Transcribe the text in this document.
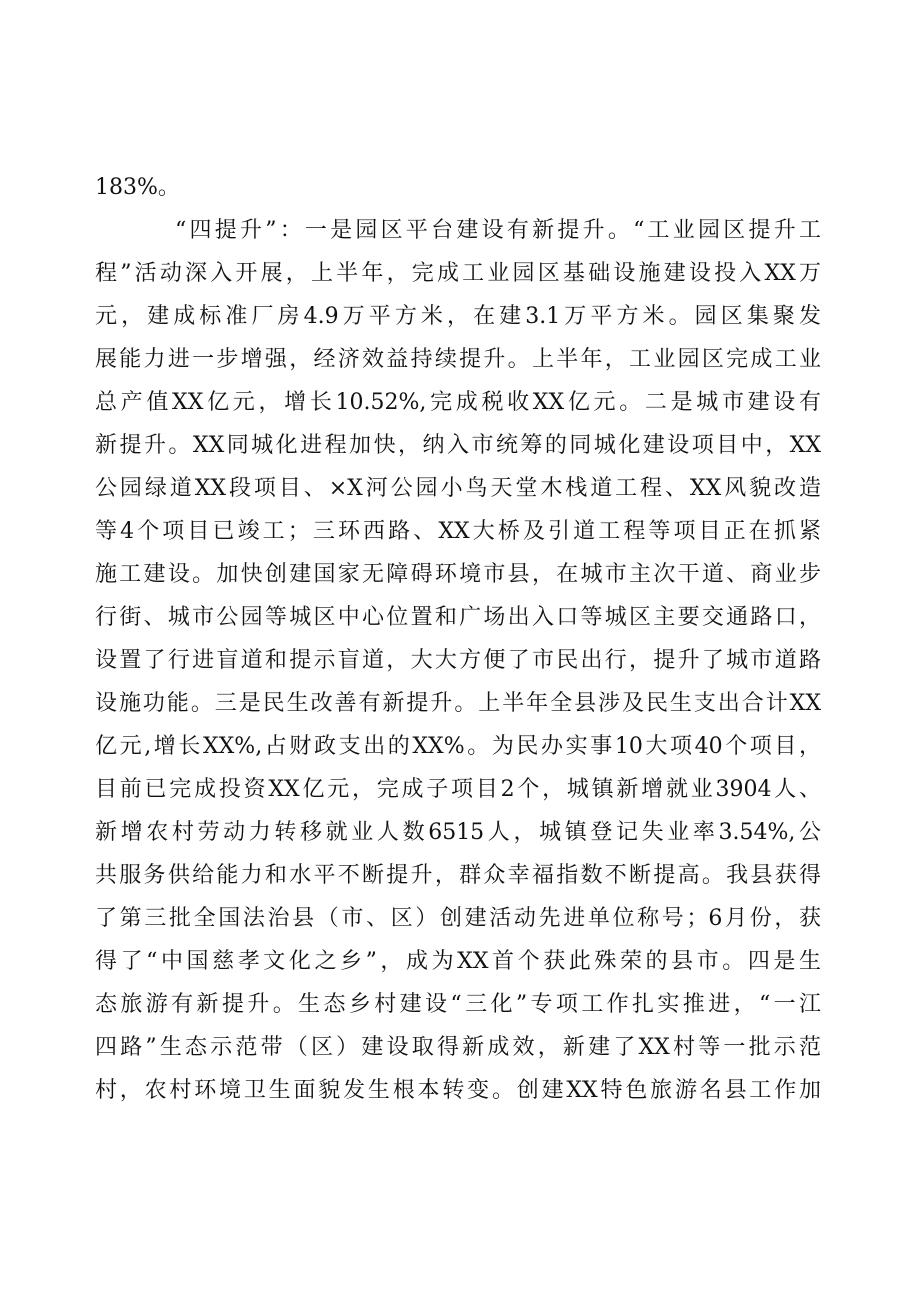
183%。
“四提升”：一是园区平台建设有新提升。“工业园区提升工
程”活动深入开展，上半年，完成工业园区基础设施建设投入XX万
元，建成标准厂房4.9万平方米，在建3.1万平方米。园区集聚发
展能力进一步增强，经济效益持续提升。上半年，工业园区完成工业
总产值XX亿元，增长10.52%,完成税收XX亿元。二是城市建设有
新提升。XX同城化进程加快，纳入市统筹的同城化建设项目中，XX
公园绿道XX段项目、×X河公园小鸟天堂木栈道工程、XX风貌改造
等4个项目已竣工；三环西路、XX大桥及引道工程等项目正在抓紧
施工建设。加快创建国家无障碍环境市县，在城市主次干道、商业步
行街、城市公园等城区中心位置和广场出入口等城区主要交通路口，
设置了行进盲道和提示盲道，大大方便了市民出行，提升了城市道路
设施功能。三是民生改善有新提升。上半年全县涉及民生支出合计XX
亿元,增长XX%,占财政支出的XX%。为民办实事10大项40个项目，
目前已完成投资XX亿元，完成子项目2个，城镇新增就业3904人、
新增农村劳动力转移就业人数6515人，城镇登记失业率3.54%,公
共服务供给能力和水平不断提升，群众幸福指数不断提高。我县获得
了第三批全国法治县（市、区）创建活动先进单位称号；6月份，获
得了“中国慈孝文化之乡”，成为XX首个获此殊荣的县市。四是生
态旅游有新提升。生态乡村建设“三化”专项工作扎实推进，“一江
四路”生态示范带（区）建设取得新成效，新建了XX村等一批示范
村，农村环境卫生面貌发生根本转变。创建XX特色旅游名县工作加
